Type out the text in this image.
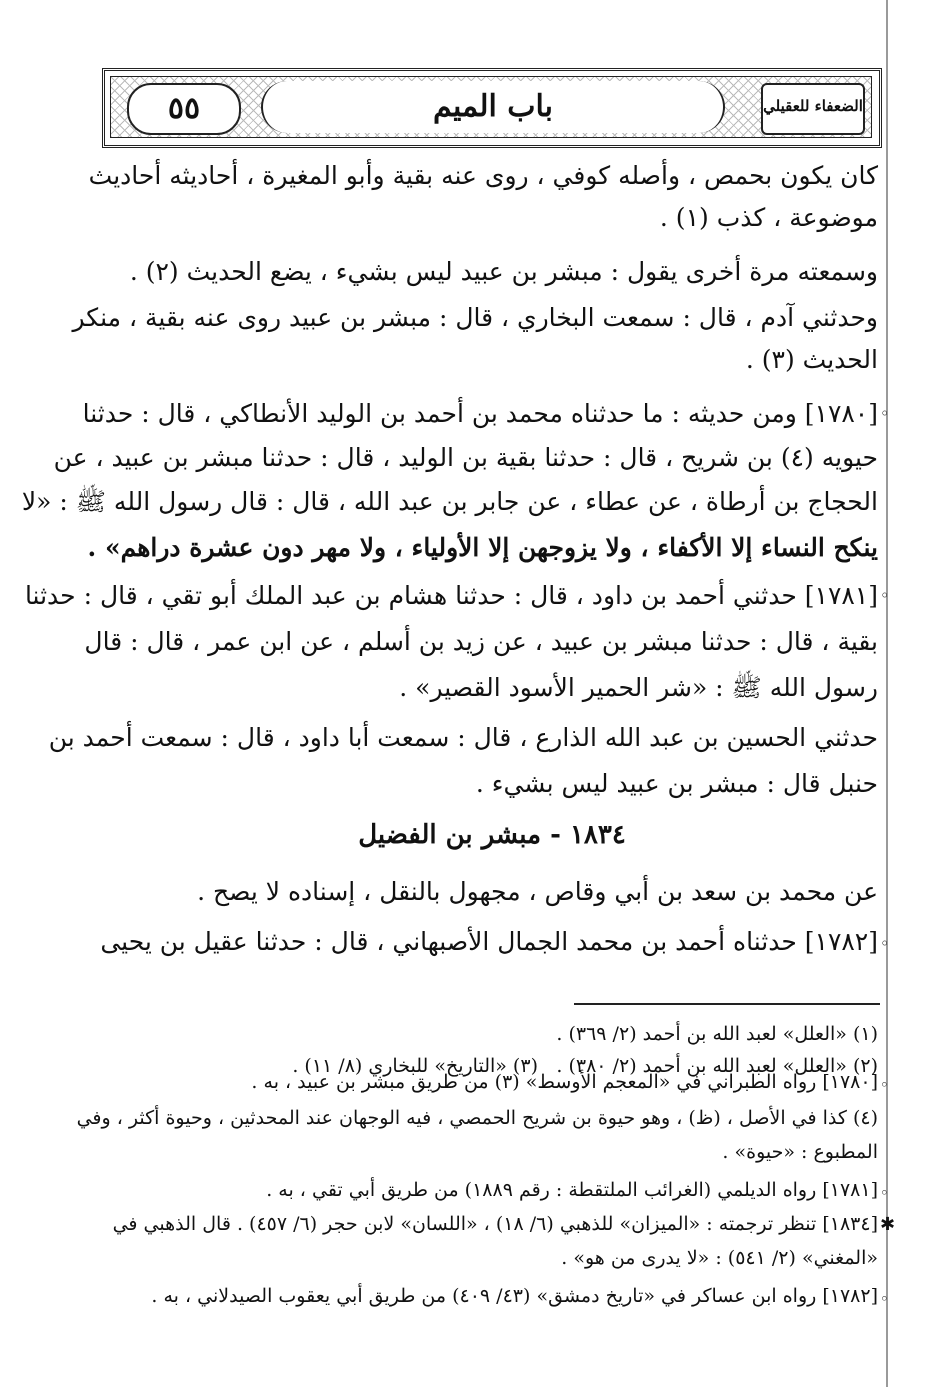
٥٥	باب المیم	الضعفاء للعقيلي
كان يكون بحمص ، وأصله كوفي ، روى عنه بقية وأبو المغيرة ، أحاديثه أحاديث
موضوعة ، كذب (١) .
وسمعته مرة أخرى يقول : مبشر بن عبيد ليس بشيء ، يضع الحديث (٢) .
وحدثني آدم ، قال : سمعت البخاري ، قال : مبشر بن عبيد روى عنه بقية ، منكر
الحديث (٣) .
◦
[١٧٨٠] ومن حديثه : ما حدثناه محمد بن أحمد بن الوليد الأنطاكي ، قال : حدثنا
حيويه (٤) بن شريح ، قال : حدثنا بقية بن الوليد ، قال : حدثنا مبشر بن عبيد ، عن
الحجاج بن أرطاة ، عن عطاء ، عن جابر بن عبد الله ، قال : قال رسول الله ﷺ : «لا
ينكح النساء إلا الأكفاء ، ولا يزوجهن إلا الأولياء ، ولا مهر دون عشرة دراهم» .
◦
[١٧٨١] حدثني أحمد بن داود ، قال : حدثنا هشام بن عبد الملك أبو تقي ، قال : حدثنا
بقية ، قال : حدثنا مبشر بن عبيد ، عن زيد بن أسلم ، عن ابن عمر ، قال : قال
رسول الله ﷺ : «شر الحمير الأسود القصير» .
حدثني الحسين بن عبد الله الذارع ، قال : سمعت أبا داود ، قال : سمعت أحمد بن
حنبل قال : مبشر بن عبيد ليس بشيء .
١٨٣٤ - مبشر بن الفضيل
عن محمد بن سعد بن أبي وقاص ، مجهول بالنقل ، إسناده لا يصح .
◦
[١٧٨٢] حدثناه أحمد بن محمد الجمال الأصبهاني ، قال : حدثنا عقيل بن يحيى
(١) «العلل» لعبد الله بن أحمد (٢/ ٣٦٩) .
(٢) «العلل» لعبد الله بن أحمد (٢/ ٣٨٠) .
(٣) «التاريخ» للبخاري (٨/ ١١) .
◦
[١٧٨٠] رواه الطبراني في «المعجم الأوسط» (٣) من طريق مبشر بن عبيد ، به .
(٤) كذا في الأصل ، (ظ) ، وهو حيوة بن شريح الحمصي ، فيه الوجهان عند المحدثين ، وحيوة أكثر ، وفي
المطبوع : «حيوة» .
◦
[١٧٨١] رواه الديلمي (الغرائب الملتقطة : رقم ١٨٨٩) من طريق أبي تقي ، به .
✱
[١٨٣٤] تنظر ترجمته : «الميزان» للذهبي (٦/ ١٨) ، «اللسان» لابن حجر (٦/ ٤٥٧) . قال الذهبي في
«المغني» (٢/ ٥٤١) : «لا يدرى من هو» .
◦
[١٧٨٢] رواه ابن عساكر في «تاريخ دمشق» (٤٣/ ٤٠٩) من طريق أبي يعقوب الصيدلاني ، به .
